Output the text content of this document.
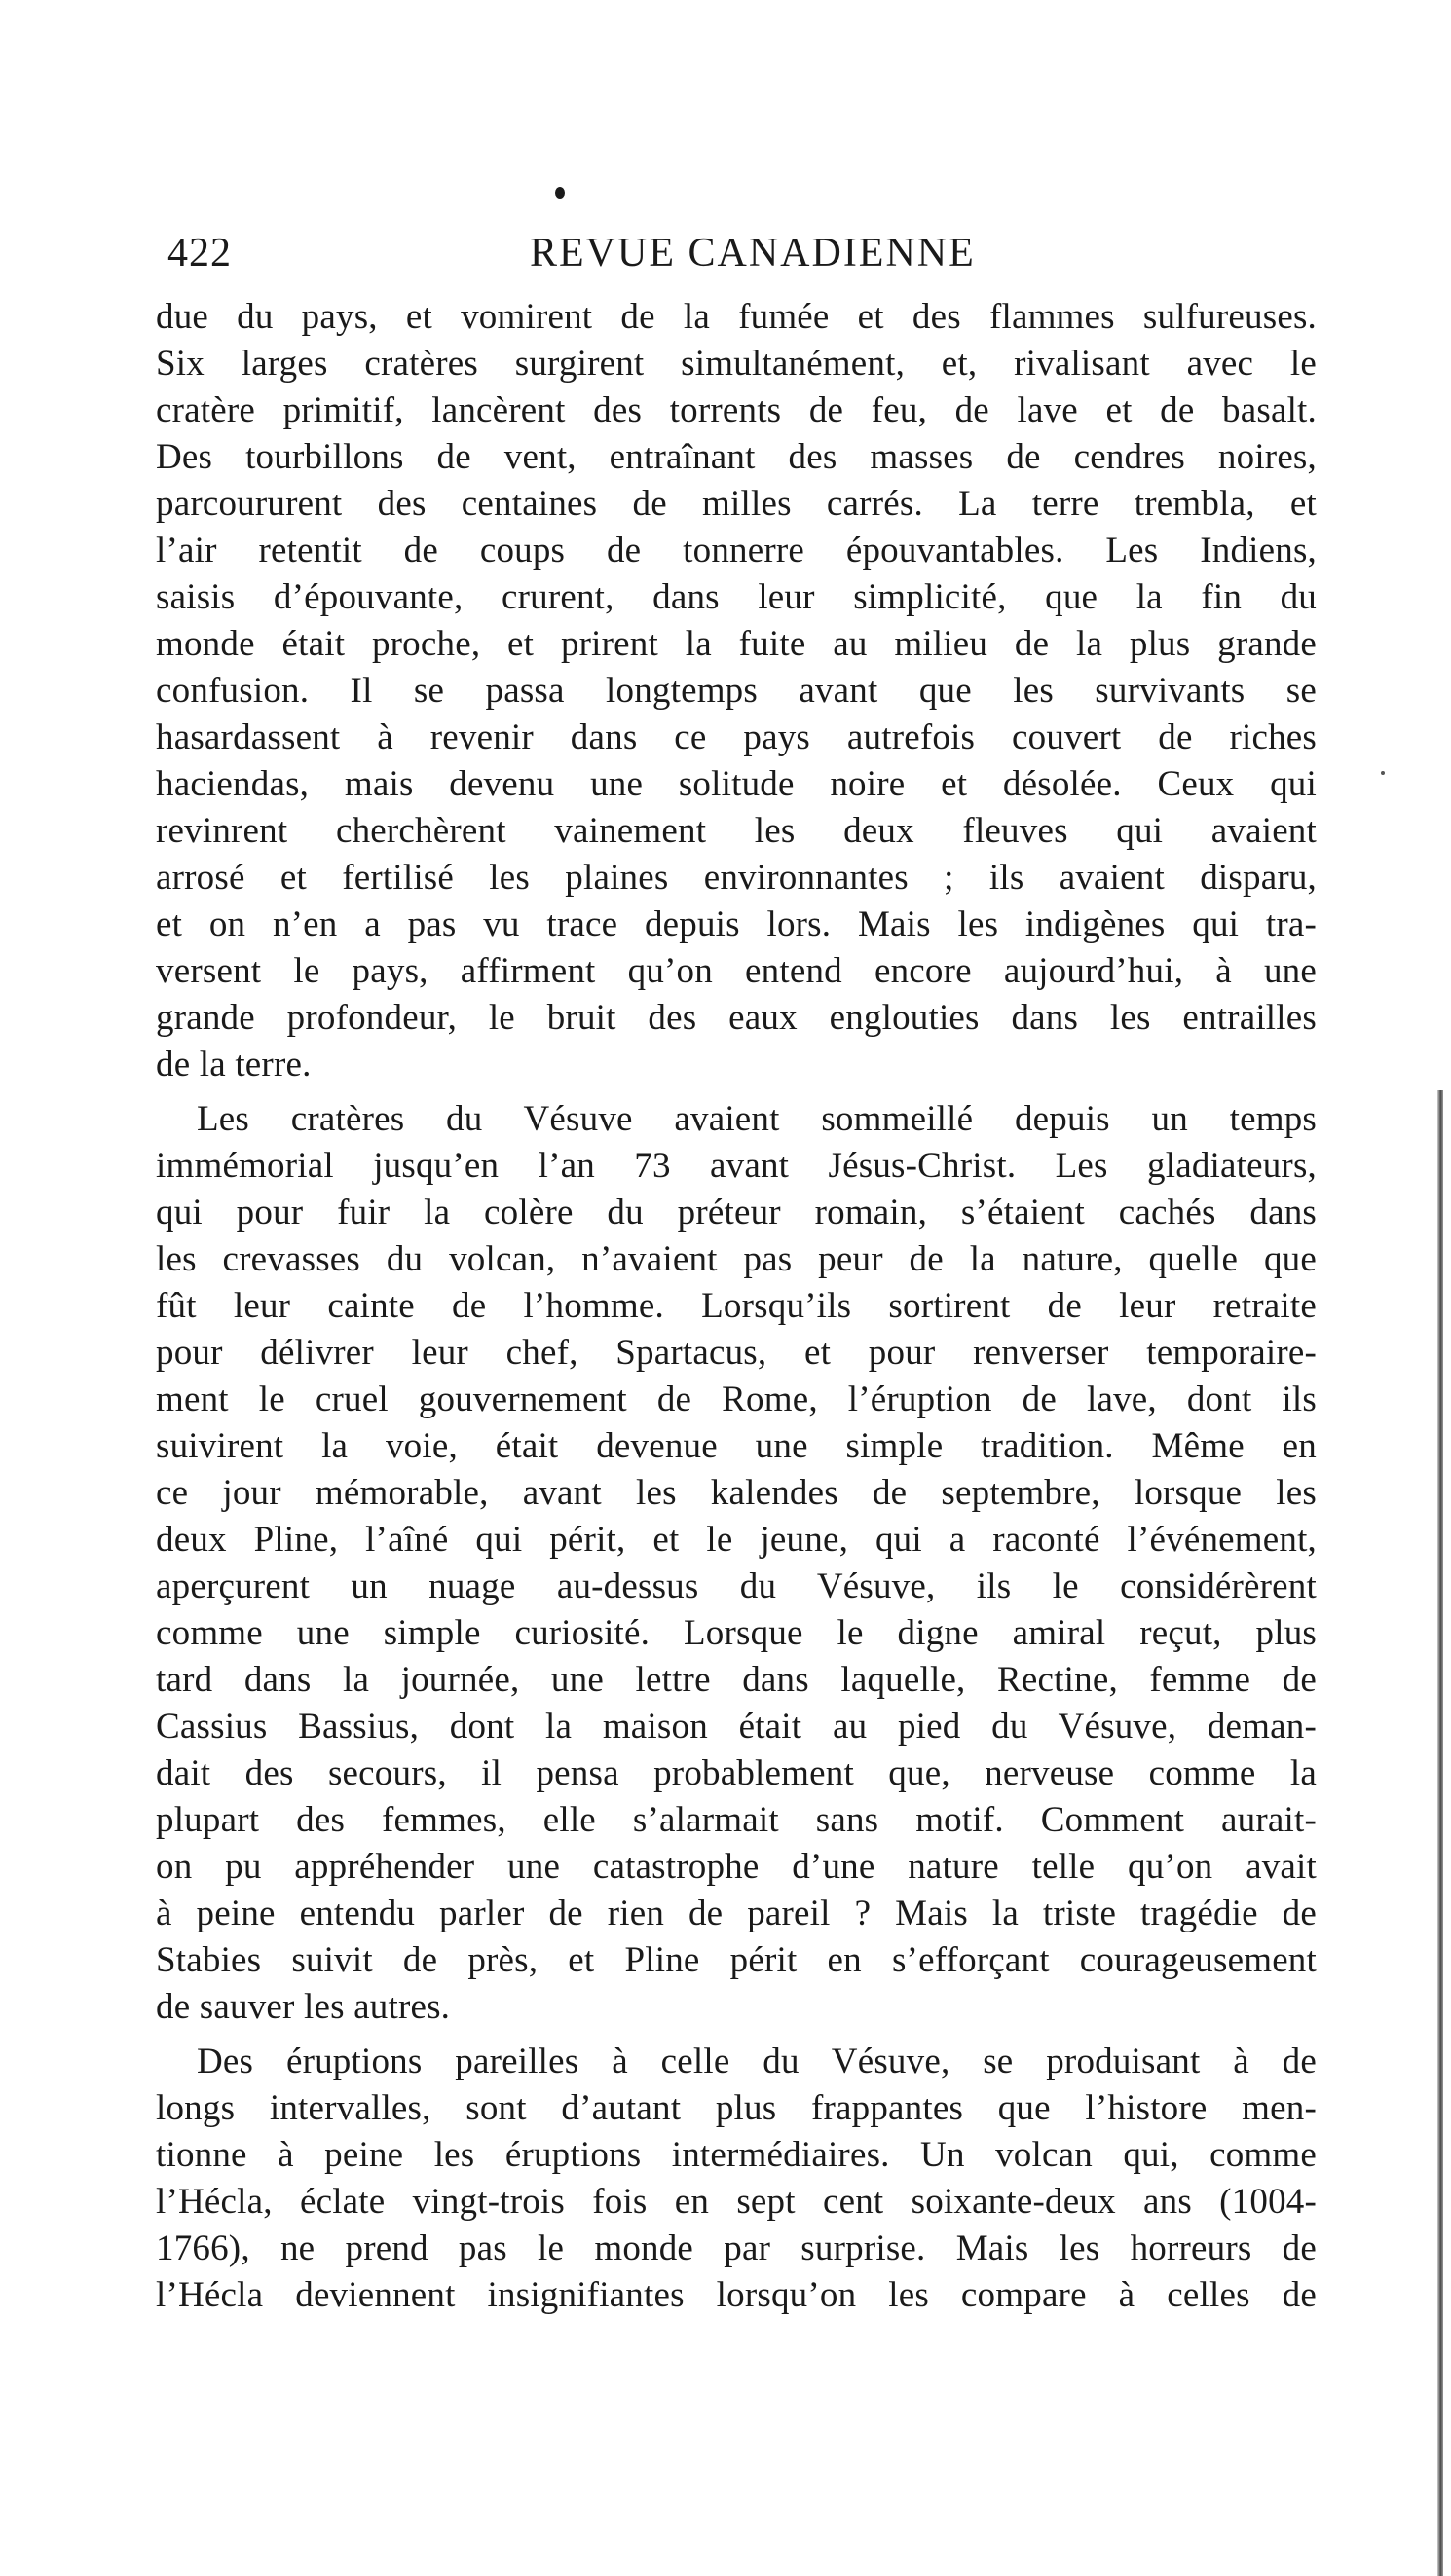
422	REVUE CANADIENNE
due du pays, et vomirent de la fumée et des flammes sulfureuses.
Six larges cratères surgirent simultanément, et, rivalisant avec le
cratère primitif, lancèrent des torrents de feu, de lave et de basalt.
Des tourbillons de vent, entraînant des masses de cendres noires,
parcoururent des centaines de milles carrés. La terre trembla, et
l’air retentit de coups de tonnerre épouvantables. Les Indiens,
saisis d’épouvante, crurent, dans leur simplicité, que la fin du
monde était proche, et prirent la fuite au milieu de la plus grande
confusion. Il se passa longtemps avant que les survivants se
hasardassent à revenir dans ce pays autrefois couvert de riches
haciendas, mais devenu une solitude noire et désolée. Ceux qui
revinrent cherchèrent vainement les deux fleuves qui avaient
arrosé et fertilisé les plaines environnantes ; ils avaient disparu,
et on n’en a pas vu trace depuis lors. Mais les indigènes qui tra-
versent le pays, affirment qu’on entend encore aujourd’hui, à une
grande profondeur, le bruit des eaux englouties dans les entrailles
de la terre.
Les cratères du Vésuve avaient sommeillé depuis un temps
immémorial jusqu’en l’an 73 avant Jésus-Christ. Les gladiateurs,
qui pour fuir la colère du préteur romain, s’étaient cachés dans
les crevasses du volcan, n’avaient pas peur de la nature, quelle que
fût leur cainte de l’homme. Lorsqu’ils sortirent de leur retraite
pour délivrer leur chef, Spartacus, et pour renverser temporaire-
ment le cruel gouvernement de Rome, l’éruption de lave, dont ils
suivirent la voie, était devenue une simple tradition. Même en
ce jour mémorable, avant les kalendes de septembre, lorsque les
deux Pline, l’aîné qui périt, et le jeune, qui a raconté l’événement,
aperçurent un nuage au-dessus du Vésuve, ils le considérèrent
comme une simple curiosité. Lorsque le digne amiral reçut, plus
tard dans la journée, une lettre dans laquelle, Rectine, femme de
Cassius Bassius, dont la maison était au pied du Vésuve, deman-
dait des secours, il pensa probablement que, nerveuse comme la
plupart des femmes, elle s’alarmait sans motif. Comment aurait-
on pu appréhender une catastrophe d’une nature telle qu’on avait
à peine entendu parler de rien de pareil ? Mais la triste tragédie de
Stabies suivit de près, et Pline périt en s’efforçant courageusement
de sauver les autres.
Des éruptions pareilles à celle du Vésuve, se produisant à de
longs intervalles, sont d’autant plus frappantes que l’histore men-
tionne à peine les éruptions intermédiaires. Un volcan qui, comme
l’Hécla, éclate vingt-trois fois en sept cent soixante-deux ans (1004-
1766), ne prend pas le monde par surprise. Mais les horreurs de
l’Hécla deviennent insignifiantes lorsqu’on les compare à celles de
